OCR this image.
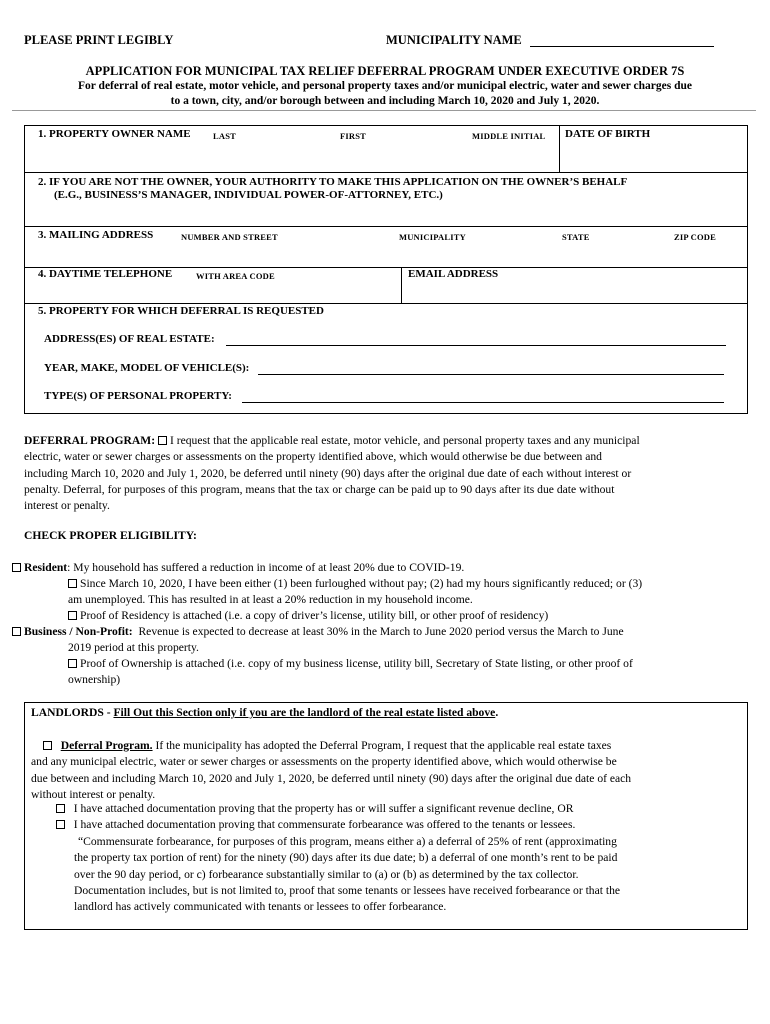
PLEASE PRINT LEGIBLY	MUNICIPALITY NAME
APPLICATION FOR MUNICIPAL TAX RELIEF DEFERRAL PROGRAM UNDER EXECUTIVE ORDER 7S
For deferral of real estate, motor vehicle, and personal property taxes and/or municipal electric, water and sewer charges due
to a town, city, and/or borough between and including March 10, 2020 and July 1, 2020.
1. PROPERTY OWNER NAME	LAST	FIRST	MIDDLE INITIAL DATE OF BIRTH
2. IF YOU ARE NOT THE OWNER, YOUR AUTHORITY TO MAKE THIS APPLICATION ON THE OWNER’S BEHALF
(E.G., BUSINESS’S MANAGER, INDIVIDUAL POWER-OF-ATTORNEY, ETC.)
3. MAILING ADDRESS	NUMBER AND STREET	MUNICIPALITY	STATE	ZIP CODE
4. DAYTIME TELEPHONE	WITH AREA CODE	EMAIL ADDRESS
5. PROPERTY FOR WHICH DEFERRAL IS REQUESTED
ADDRESS(ES) OF REAL ESTATE:
YEAR, MAKE, MODEL OF VEHICLE(S):
TYPE(S) OF PERSONAL PROPERTY:
DEFERRAL PROGRAM: I request that the applicable real estate, motor vehicle, and personal property taxes and any municipal
electric, water or sewer charges or assessments on the property identified above, which would otherwise be due between and
including March 10, 2020 and July 1, 2020, be deferred until ninety (90) days after the original due date of each without interest or
penalty. Deferral, for purposes of this program, means that the tax or charge can be paid up to 90 days after its due date without
interest or penalty.
CHECK PROPER ELIGIBILITY:
Resident: My household has suffered a reduction in income of at least 20% due to COVID-19.
Since March 10, 2020, I have been either (1) been furloughed without pay; (2) had my hours significantly reduced; or (3)
am unemployed. This has resulted in at least a 20% reduction in my household income.
Proof of Residency is attached (i.e. a copy of driver’s license, utility bill, or other proof of residency)
Business / Non-Profit: Revenue is expected to decrease at least 30% in the March to June 2020 period versus the March to June
2019 period at this property.
Proof of Ownership is attached (i.e. copy of my business license, utility bill, Secretary of State listing, or other proof of
ownership)
LANDLORDS - Fill Out this Section only if you are the landlord of the real estate listed above.
Deferral Program. If the municipality has adopted the Deferral Program, I request that the applicable real estate taxes
and any municipal electric, water or sewer charges or assessments on the property identified above, which would otherwise be
due between and including March 10, 2020 and July 1, 2020, be deferred until ninety (90) days after the original due date of each
without interest or penalty.
I have attached documentation proving that the property has or will suffer a significant revenue decline, OR
I have attached documentation proving that commensurate forbearance was offered to the tenants or lessees.
“Commensurate forbearance, for purposes of this program, means either a) a deferral of 25% of rent (approximating
the property tax portion of rent) for the ninety (90) days after its due date; b) a deferral of one month’s rent to be paid
over the 90 day period, or c) forbearance substantially similar to (a) or (b) as determined by the tax collector.
Documentation includes, but is not limited to, proof that some tenants or lessees have received forbearance or that the
landlord has actively communicated with tenants or lessees to offer forbearance.
